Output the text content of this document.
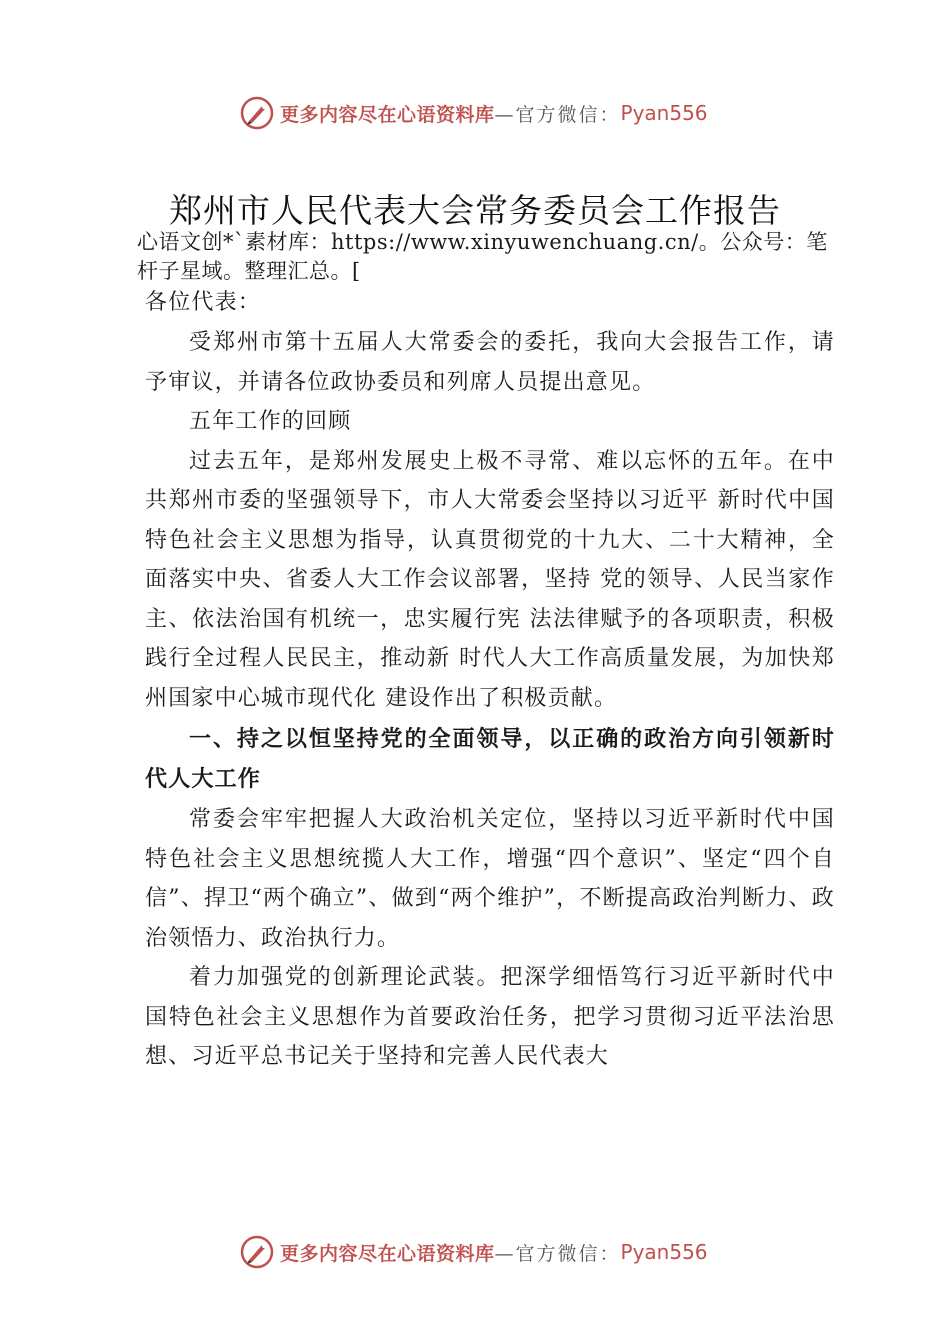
更多内容尽在心语资料库 —官方微信： Pyan556
郑州市人民代表大会常务委员会工作报告

心语文创*`素材库：https://www.xinyuwenchuang.cn/。公众号：笔杆子星域。整理汇总。[

各位代表：

受郑州市第十五届人大常委会的委托，我向大会报告工作，请予审议，并请各位政协委员和列席人员提出意见。

五年工作的回顾

过去五年，是郑州发展史上极不寻常、难以忘怀的五年。在中共郑州市委的坚强领导下，市人大常委会坚持以习近平 新时代中国特色社会主义思想为指导，认真贯彻党的十九大、二十大精神，全面落实中央、省委人大工作会议部署，坚持 党的领导、人民当家作主、依法治国有机统一，忠实履行宪 法法律赋予的各项职责，积极践行全过程人民民主，推动新 时代人大工作高质量发展，为加快郑州国家中心城市现代化 建设作出了积极贡献。

一、持之以恒坚持党的全面领导，以正确的政治方向引领新时代人大工作

常委会牢牢把握人大政治机关定位，坚持以习近平新时代中国特色社会主义思想统揽人大工作，增强“四个意识”、坚定“四个自信”、捍卫“两个确立”、做到“两个维护”，不断提高政治判断力、政治领悟力、政治执行力。

着力加强党的创新理论武装。把深学细悟笃行习近平新时代中国特色社会主义思想作为首要政治任务，把学习贯彻习近平法治思想、习近平总书记关于坚持和完善人民代表大

更多内容尽在心语资料库 —官方微信： Pyan556
